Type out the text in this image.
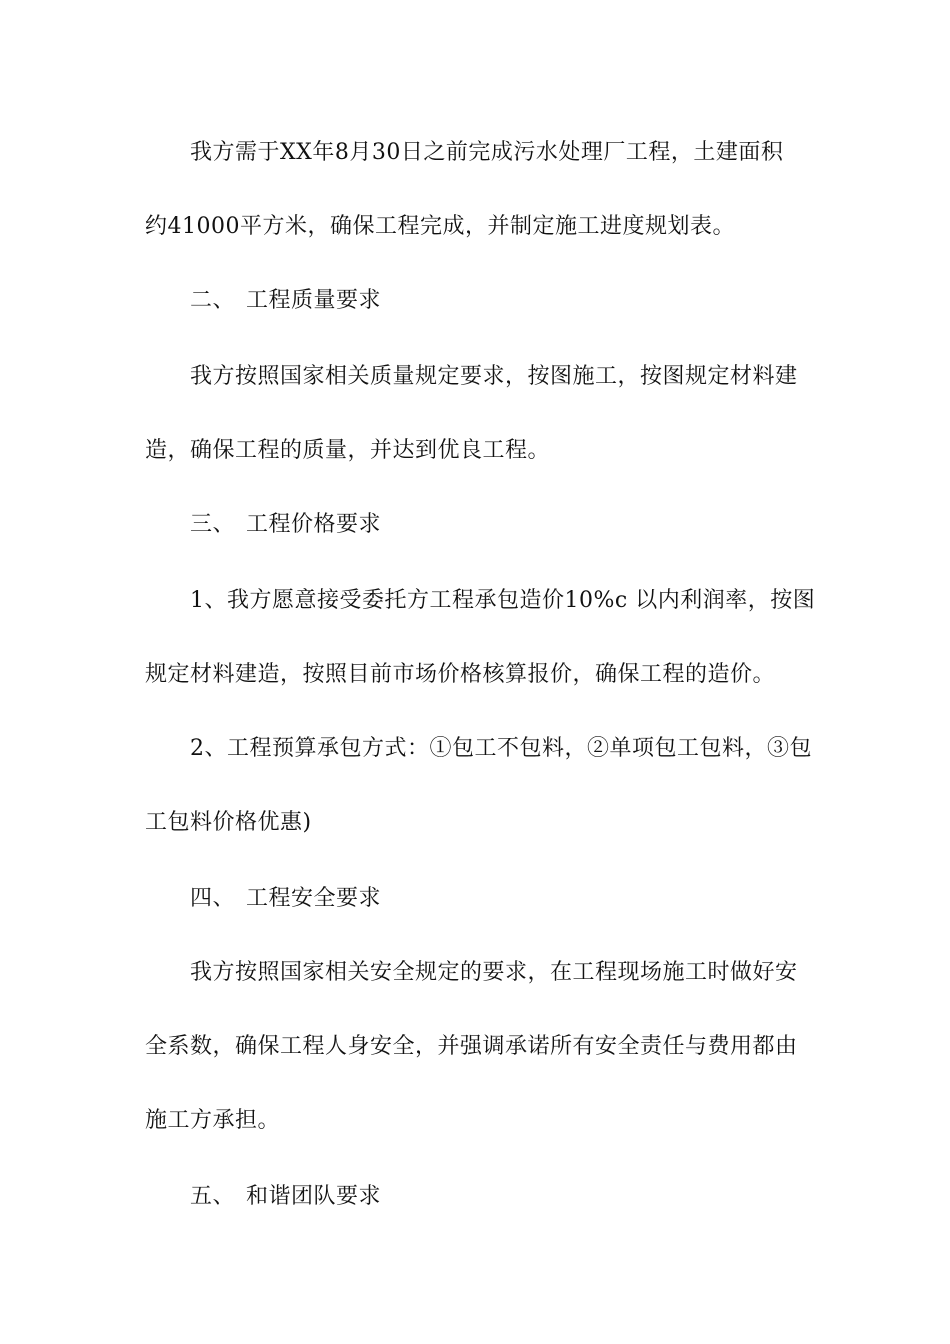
我方需于XX年8月30日之前完成污水处理厂工程，土建面积
约41000平方米，确保工程完成，并制定施工进度规划表。
二、 工程质量要求
我方按照国家相关质量规定要求，按图施工，按图规定材料建
造，确保工程的质量，并达到优良工程。
三、 工程价格要求
1、我方愿意接受委托方工程承包造价10%c 以内利润率，按图
规定材料建造，按照目前市场价格核算报价，确保工程的造价。
2、工程预算承包方式：①包工不包料，②单项包工包料，③包
工包料价格优惠)
四、 工程安全要求
我方按照国家相关安全规定的要求，在工程现场施工时做好安
全系数，确保工程人身安全，并强调承诺所有安全责任与费用都由
施工方承担。
五、 和谐团队要求
